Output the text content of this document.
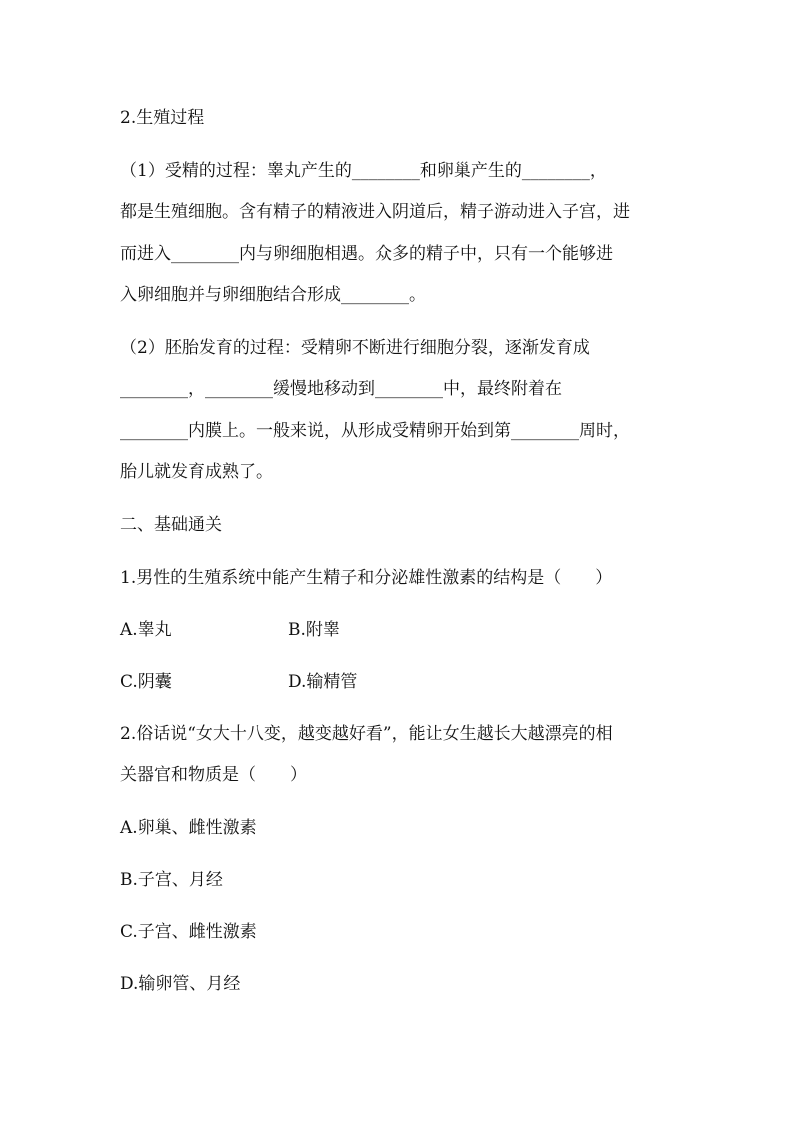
2.生殖过程

（1）受精的过程：睾丸产生的________和卵巢产生的________，

都是生殖细胞。含有精子的精液进入阴道后，精子游动进入子宫，进

而进入________内与卵细胞相遇。众多的精子中，只有一个能够进

入卵细胞并与卵细胞结合形成________。

（2）胚胎发育的过程：受精卵不断进行细胞分裂，逐渐发育成

________，________缓慢地移动到________中，最终附着在

________内膜上。一般来说，从形成受精卵开始到第________周时，

胎儿就发育成熟了。

二、基础通关

1.男性的生殖系统中能产生精子和分泌雄性激素的结构是（　　）

A.睾丸	B.附睾
C.阴囊	D.输精管

2.俗话说“女大十八变，越变越好看”，能让女生越长大越漂亮的相

关器官和物质是（　　）

A.卵巢、雌性激素

B.子宫、月经

C.子宫、雌性激素

D.输卵管、月经
